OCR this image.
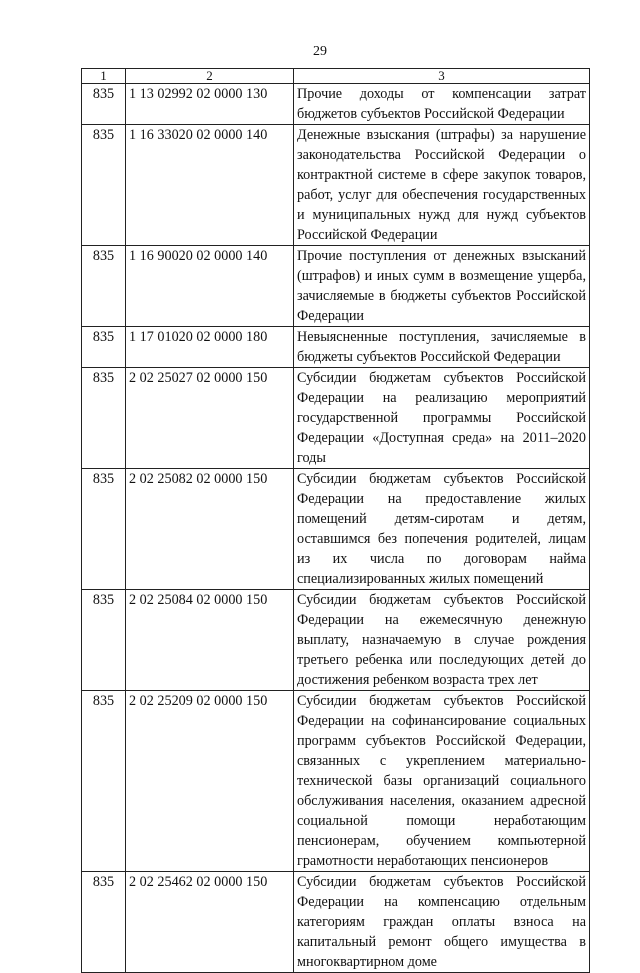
29
1	2	3
835	1 13 02992 02 0000 130	Прочие доходы от компенсации затрат бюджетов субъектов Российской Федерации
835	1 16 33020 02 0000 140	Денежные взыскания (штрафы) за нарушение законодательства Российской Федерации о контрактной системе в сфере закупок товаров, работ, услуг для обеспечения государственных и муниципальных нужд для нужд субъектов Российской Федерации
835	1 16 90020 02 0000 140	Прочие поступления от денежных взысканий (штрафов) и иных сумм в возмещение ущерба, зачисляемые в бюджеты субъектов Российской Федерации
835	1 17 01020 02 0000 180	Невыясненные поступления, зачисляемые в бюджеты субъектов Российской Федерации
835	2 02 25027 02 0000 150	Субсидии бюджетам субъектов Российской Федерации на реализацию мероприятий государственной программы Российской Федерации «Доступная среда» на 2011–2020 годы
835	2 02 25082 02 0000 150	Субсидии бюджетам субъектов Российской Федерации на предоставление жилых помещений детям-сиротам и детям, оставшимся без попечения родителей, лицам из их числа по договорам найма специализированных жилых помещений
835	2 02 25084 02 0000 150	Субсидии бюджетам субъектов Российской Федерации на ежемесячную денежную выплату, назначаемую в случае рождения третьего ребенка или последующих детей до достижения ребенком возраста трех лет
835	2 02 25209 02 0000 150	Субсидии бюджетам субъектов Российской Федерации на софинансирование социальных программ субъектов Российской Федерации, связанных с укреплением материально-технической базы организаций социального обслуживания населения, оказанием адресной социальной помощи неработающим пенсионерам, обучением компьютерной грамотности неработающих пенсионеров
835	2 02 25462 02 0000 150	Субсидии бюджетам субъектов Российской Федерации на компенсацию отдельным категориям граждан оплаты взноса на капитальный ремонт общего имущества в многоквартирном доме
